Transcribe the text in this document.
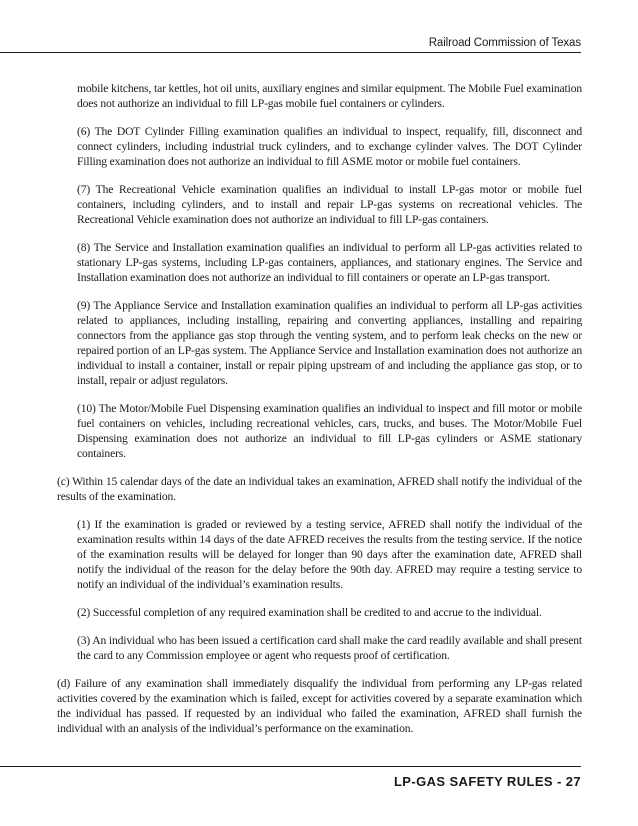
Railroad Commission of Texas

mobile kitchens, tar kettles, hot oil units, auxiliary engines and similar equipment. The Mobile Fuel examination does not authorize an individual to fill LP-gas mobile fuel containers or cylinders.

(6) The DOT Cylinder Filling examination qualifies an individual to inspect, requalify, fill, disconnect and connect cylinders, including industrial truck cylinders, and to exchange cylinder valves. The DOT Cylinder Filling examination does not authorize an individual to fill ASME motor or mobile fuel containers.

(7) The Recreational Vehicle examination qualifies an individual to install LP-gas motor or mobile fuel containers, including cylinders, and to install and repair LP-gas systems on recreational vehicles. The Recreational Vehicle examination does not authorize an individual to fill LP-gas containers.

(8) The Service and Installation examination qualifies an individual to perform all LP-gas activities related to stationary LP-gas systems, including LP-gas containers, appliances, and stationary engines. The Service and Installation examination does not authorize an individual to fill containers or operate an LP-gas transport.

(9) The Appliance Service and Installation examination qualifies an individual to perform all LP-gas activities related to appliances, including installing, repairing and converting appliances, installing and repairing connectors from the appliance gas stop through the venting system, and to perform leak checks on the new or repaired portion of an LP-gas system. The Appliance Service and Installation examination does not authorize an individual to install a container, install or repair piping upstream of and including the appliance gas stop, or to install, repair or adjust regulators.

(10) The Motor/Mobile Fuel Dispensing examination qualifies an individual to inspect and fill motor or mobile fuel containers on vehicles, including recreational vehicles, cars, trucks, and buses. The Motor/Mobile Fuel Dispensing examination does not authorize an individual to fill LP-gas cylinders or ASME stationary containers.

(c) Within 15 calendar days of the date an individual takes an examination, AFRED shall notify the individual of the results of the examination.

(1) If the examination is graded or reviewed by a testing service, AFRED shall notify the individual of the examination results within 14 days of the date AFRED receives the results from the testing service. If the notice of the examination results will be delayed for longer than 90 days after the examination date, AFRED shall notify the individual of the reason for the delay before the 90th day. AFRED may require a testing service to notify an individual of the individual’s examination results.

(2) Successful completion of any required examination shall be credited to and accrue to the individual.

(3) An individual who has been issued a certification card shall make the card readily available and shall present the card to any Commission employee or agent who requests proof of certification.

(d) Failure of any examination shall immediately disqualify the individual from performing any LP-gas related activities covered by the examination which is failed, except for activities covered by a separate examination which the individual has passed. If requested by an individual who failed the examination, AFRED shall furnish the individual with an analysis of the individual’s performance on the examination.

LP-GAS SAFETY RULES - 27
